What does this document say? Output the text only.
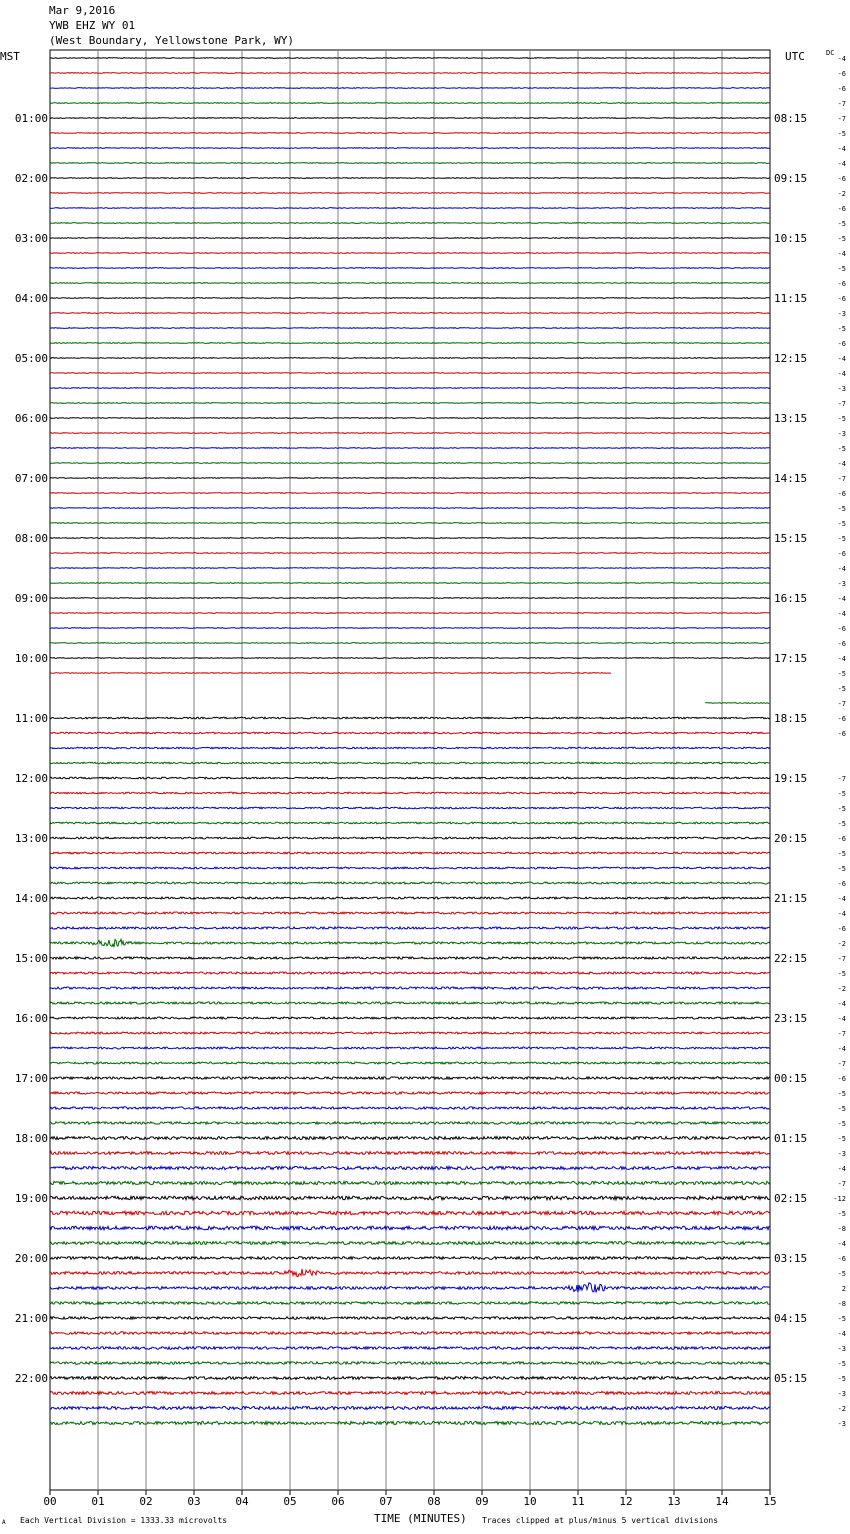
Mar 9,2016
YWB EHZ WY 01
(West Boundary, Yellowstone Park, WY)
MST	UTC	DC
00	01	02	03	04	05	06	07	08	09	10	11	12	13	14	15
-4
-6
-6
-7
-7
01:00	08:15
-5
-4
-4
-6
02:00	09:15
-2
-6
-5
-5
03:00	10:15
-4
-5
-6
-6
04:00	11:15
-3
-5
-6
-4
05:00	12:15
-4
-3
-7
-5
06:00	13:15
-3
-5
-4
-7
07:00	14:15
-6
-5
-5
-5
08:00	15:15
-6
-4
-3
-4
09:00	16:15
-4
-6
-6
-4
10:00	17:15
-5
-5
-7
-6
11:00	18:15
-6
-7
12:00	19:15
-5
-5
-5
-6
13:00	20:15
-5
-5
-6
-4
14:00	21:15
-4
-6
-2
-7
15:00	22:15
-5
-2
-4
-4
16:00	23:15
-7
-4
-7
-6
17:00	00:15
-5
-5
-5
-5
18:00	01:15
-3
-4
-7
-12
19:00	02:15
-5
-8
-4
-6
20:00	03:15
-5
2
-8
-5
21:00	04:15
-4
-3
-5
-5
22:00	05:15
-3
-2
-3
A Each Vertical Division = 1333.33 microvolts	TIME (MINUTES) Traces clipped at plus/minus 5 vertical divisions
